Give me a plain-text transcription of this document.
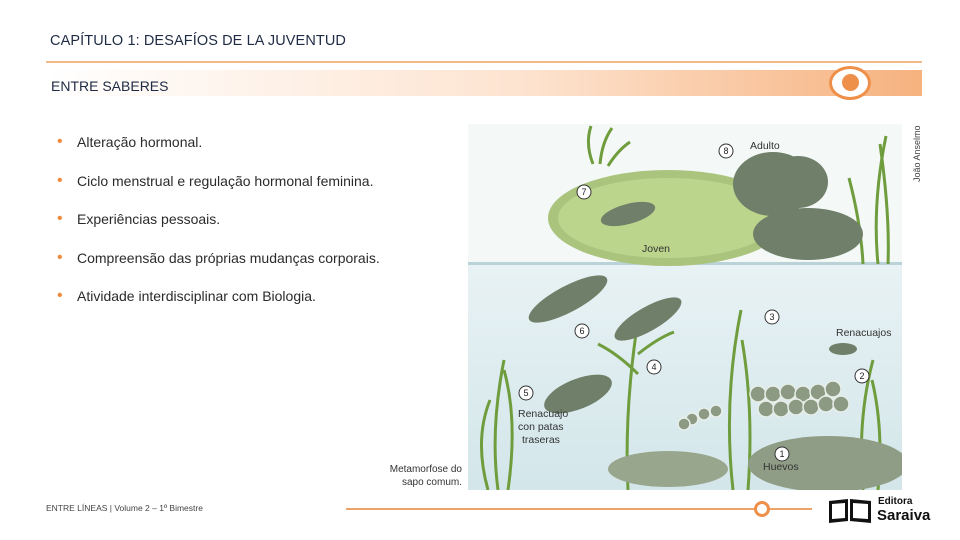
CAPÍTULO 1: DESAFÍOS DE LA JUVENTUD
ENTRE SABERES
• Alteração hormonal.
• Ciclo menstrual e regulação hormonal feminina.
• Experiências pessoais.
• Compreensão das próprias mudanças corporais.
• Atividade interdisciplinar com Biologia.
Adulto
Joven
Renacuajos
Renacuajo
con patas
traseras
Huevos
1
2
3
4
5
6
7
8	João Anselmo
Metamorfose do
sapo comum.
ENTRE LÍNEAS | Volume 2 – 1º Bimestre
Editora
Saraiva
